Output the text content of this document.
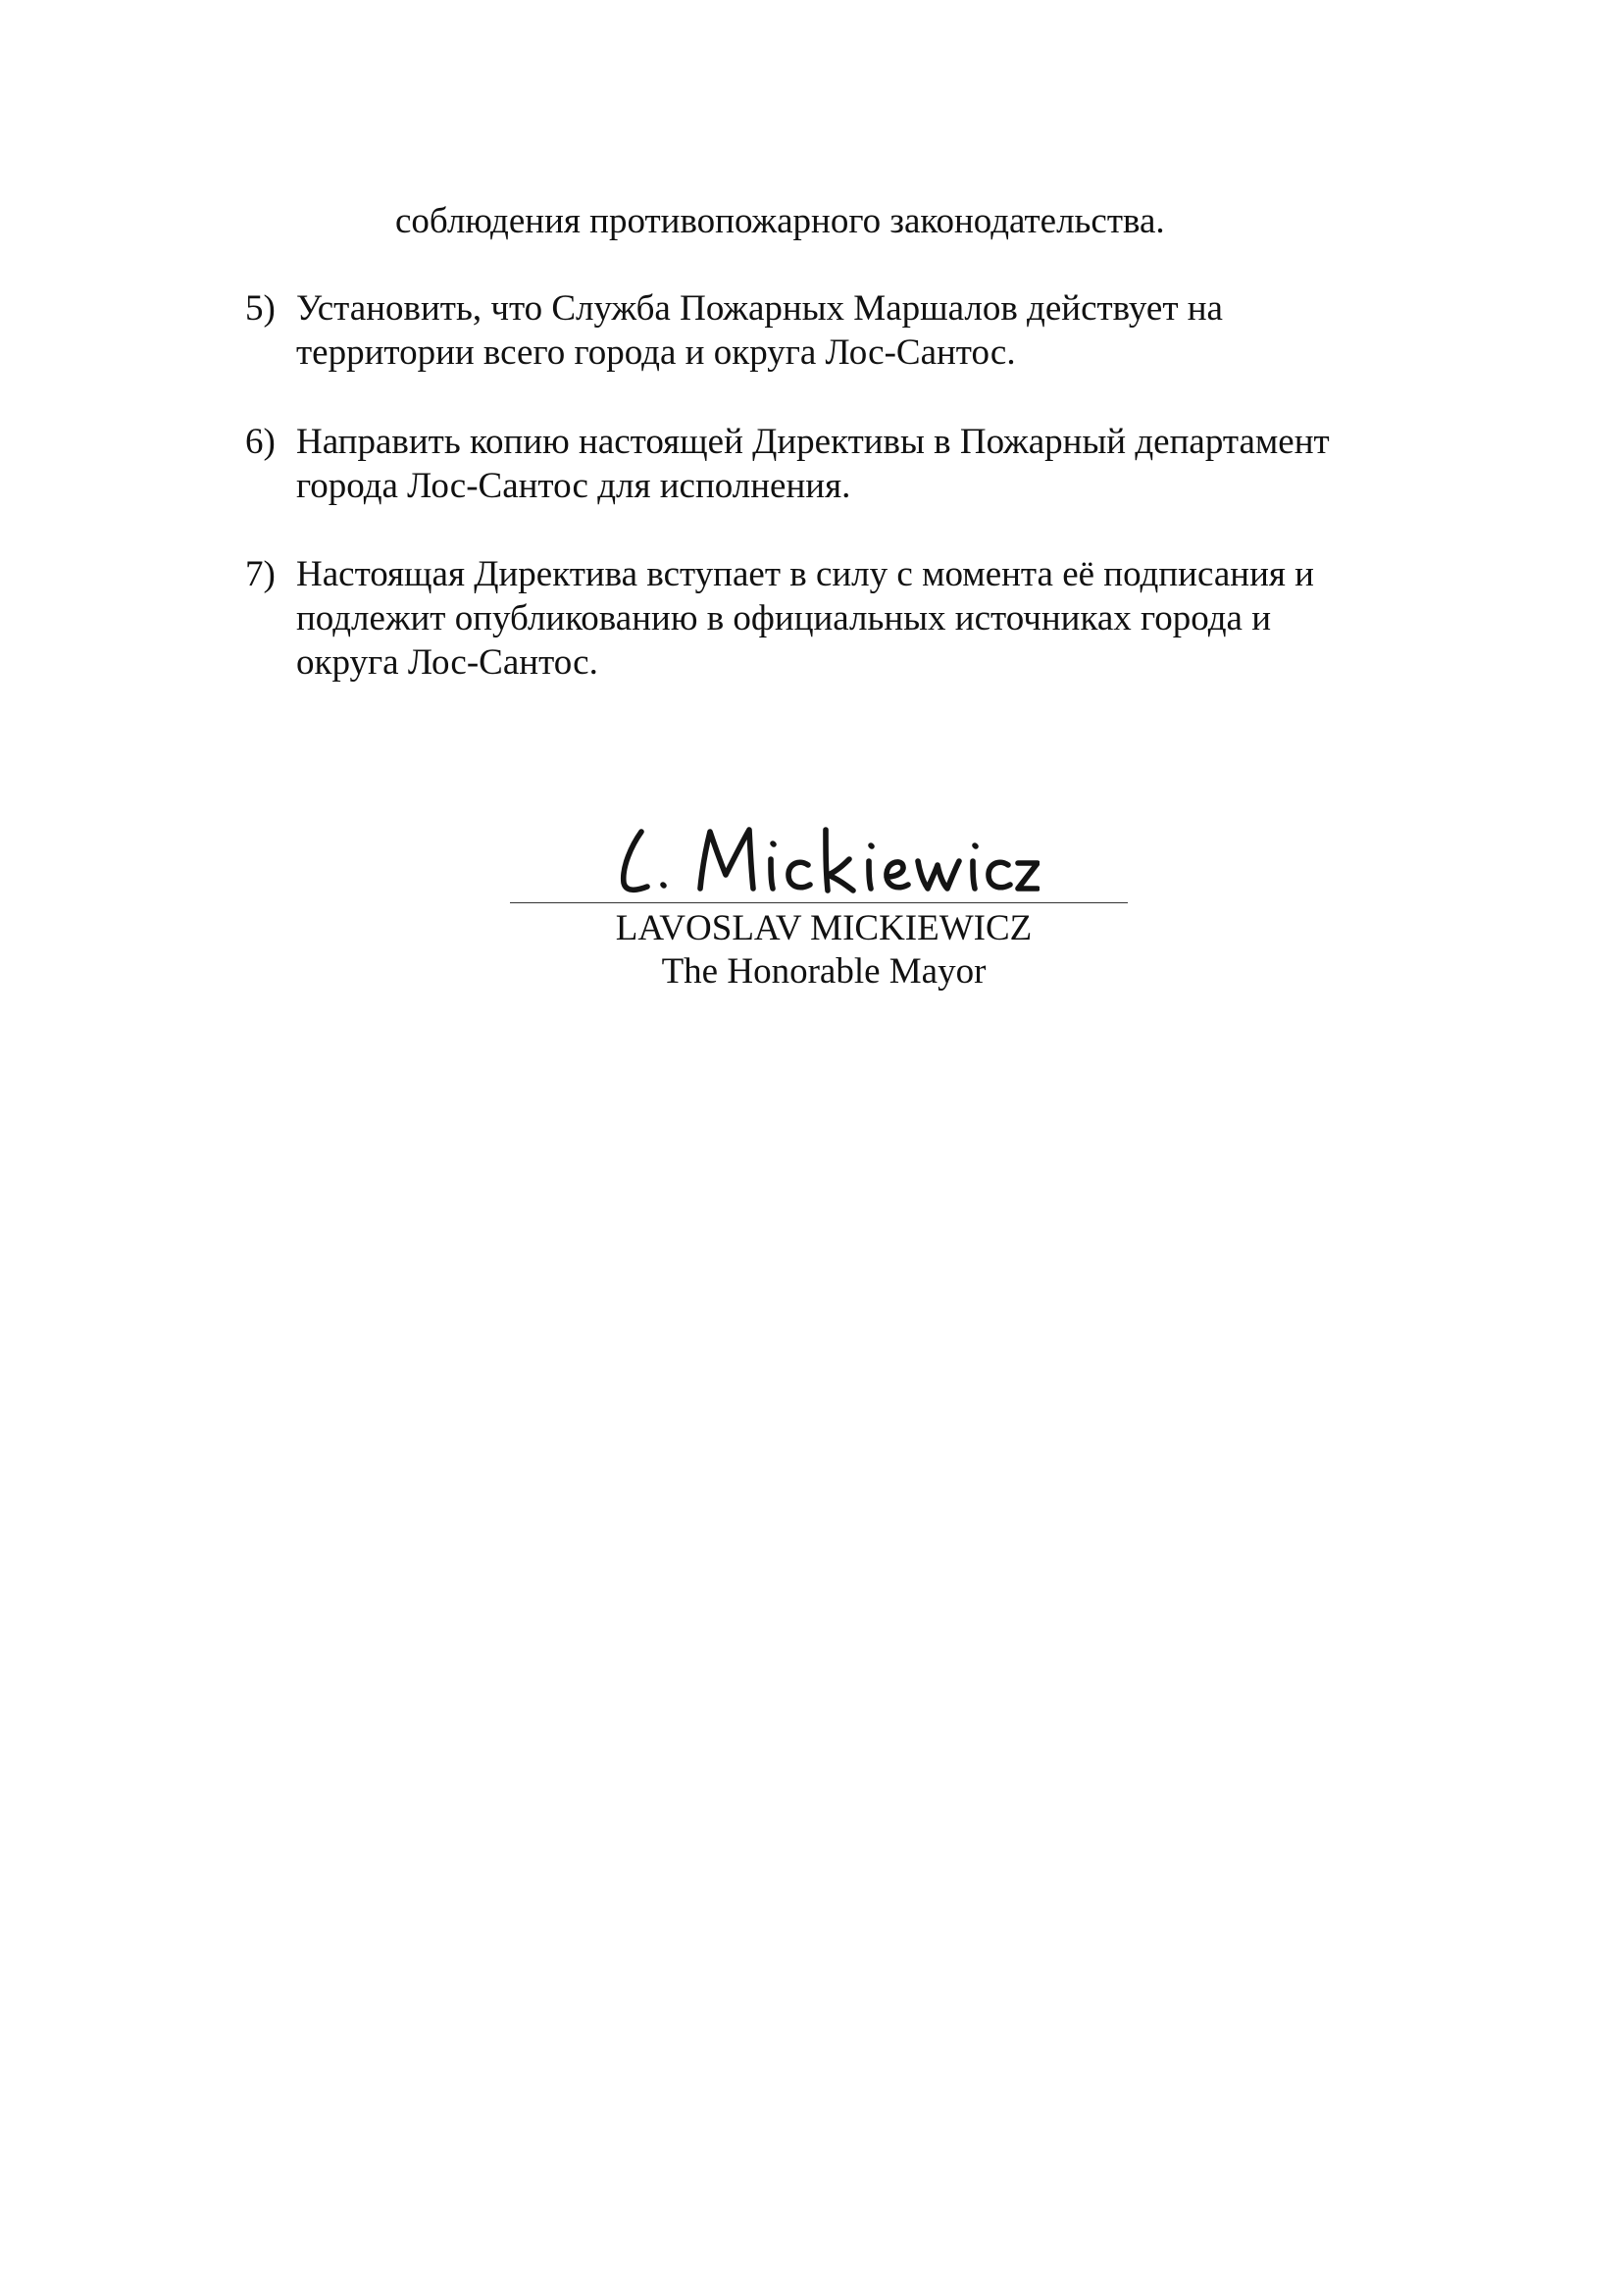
соблюдения противопожарного законодательства.
5) Установить, что Служба Пожарных Маршалов действует на
территории всего города и округа Лос-Сантос.
6) Направить копию настоящей Директивы в Пожарный департамент
города Лос-Сантос для исполнения.
7) Настоящая Директива вступает в силу с момента её подписания и
подлежит опубликованию в официальных источниках города и
округа Лос-Сантос.
LAVOSLAV MICKIEWICZ
The Honorable Mayor
